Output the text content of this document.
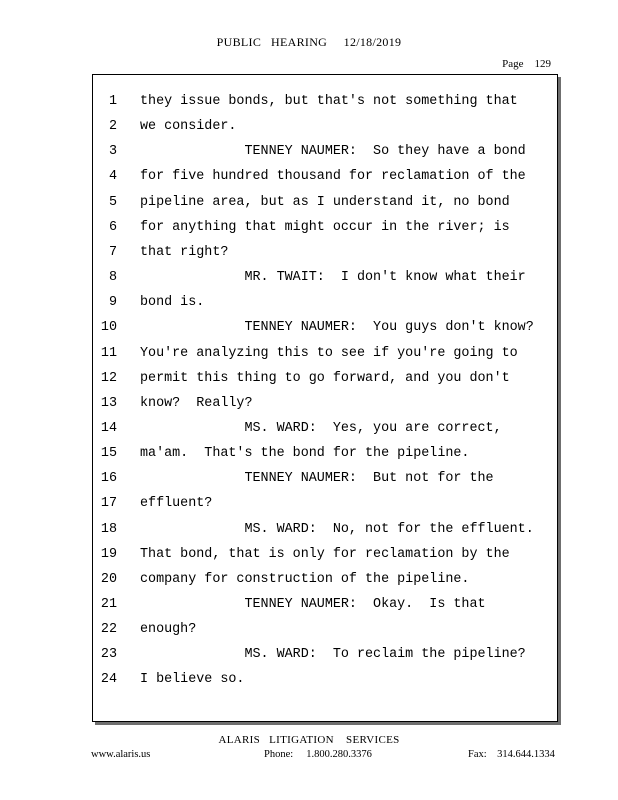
PUBLIC   HEARING     12/18/2019
Page    129
1 they issue bonds, but that's not something that
2 we consider.
3 TENNEY NAUMER:  So they have a bond
4 for five hundred thousand for reclamation of the
5 pipeline area, but as I understand it, no bond
6 for anything that might occur in the river; is
7 that right?
8 MR. TWAIT:  I don't know what their
9 bond is.
10 TENNEY NAUMER:  You guys don't know?
11 You're analyzing this to see if you're going to
12 permit this thing to go forward, and you don't
13 know?  Really?
14 MS. WARD:  Yes, you are correct,
15 ma'am.  That's the bond for the pipeline.
16 TENNEY NAUMER:  But not for the
17 effluent?
18 MS. WARD:  No, not for the effluent.
19 That bond, that is only for reclamation by the
20 company for construction of the pipeline.
21 TENNEY NAUMER:  Okay.  Is that
22 enough?
23 MS. WARD:  To reclaim the pipeline?
24 I believe so.
ALARIS   LITIGATION    SERVICES
www.alaris.us	Phone:     1.800.280.3376	Fax:    314.644.1334
